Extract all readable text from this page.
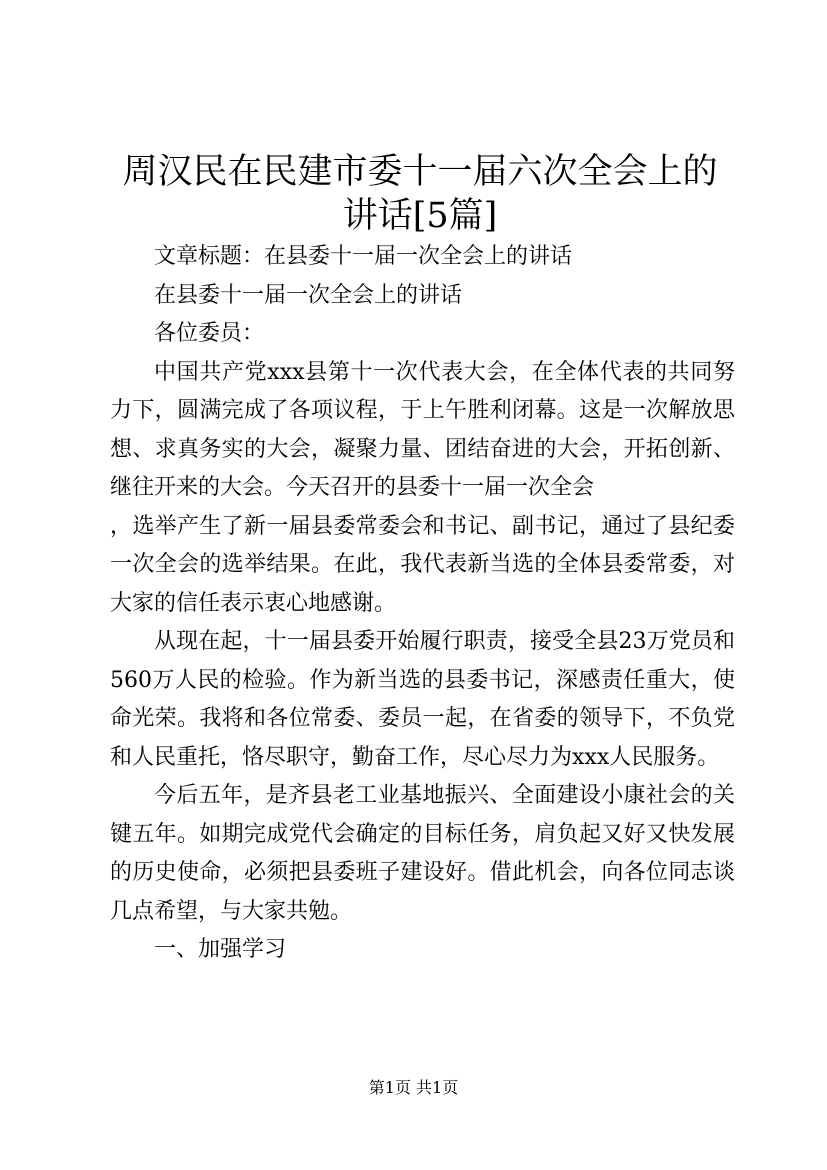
周汉民在民建市委十一届六次全会上的讲话[5篇]

文章标题：在县委十一届一次全会上的讲话

在县委十一届一次全会上的讲话

各位委员：

中国共产党xxx县第十一次代表大会，在全体代表的共同努力下，圆满完成了各项议程，于上午胜利闭幕。这是一次解放思想、求真务实的大会，凝聚力量、团结奋进的大会，开拓创新、继往开来的大会。今天召开的县委十一届一次全会

，选举产生了新一届县委常委会和书记、副书记，通过了县纪委一次全会的选举结果。在此，我代表新当选的全体县委常委，对大家的信任表示衷心地感谢。

从现在起，十一届县委开始履行职责，接受全县23万党员和560万人民的检验。作为新当选的县委书记，深感责任重大，使命光荣。我将和各位常委、委员一起，在省委的领导下，不负党和人民重托，恪尽职守，勤奋工作，尽心尽力为xxx人民服务。

今后五年，是齐县老工业基地振兴、全面建设小康社会的关键五年。如期完成党代会确定的目标任务，肩负起又好又快发展的历史使命，必须把县委班子建设好。借此机会，向各位同志谈几点希望，与大家共勉。

一、加强学习

第1页 共1页
